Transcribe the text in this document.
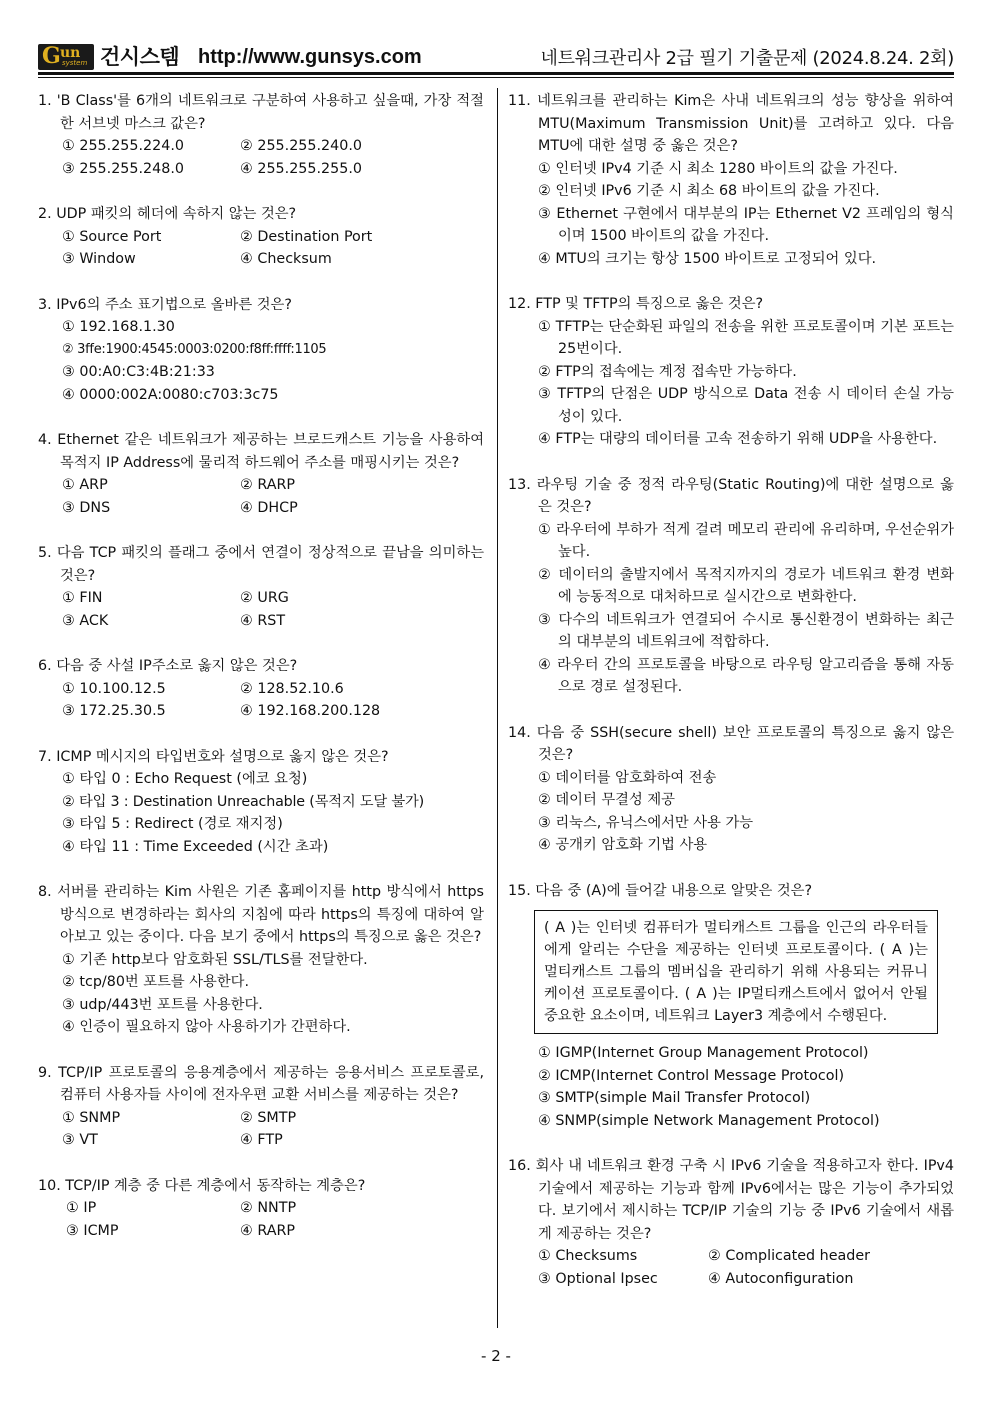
G un
system 건시스템 http://www.gunsys.com	네트워크관리사 2급 필기 기출문제 (2024.8.24. 2회)
1. 'B Class'를 6개의 네트워크로 구분하여 사용하고 싶을때, 가장 적절한 서브넷 마스크 값은?
① 255.255.224.0	② 255.255.240.0
③ 255.255.248.0	④ 255.255.255.0
2. UDP 패킷의 헤더에 속하지 않는 것은?
① Source Port	② Destination Port
③ Window	④ Checksum
3. IPv6의 주소 표기법으로 올바른 것은?
① 192.168.1.30
② 3ffe:1900:4545:0003:0200:f8ff:ffff:1105
③ 00:A0:C3:4B:21:33
④ 0000:002A:0080:c703:3c75
4. Ethernet 같은 네트워크가 제공하는 브로드캐스트 기능을 사용하여 목적지 IP Address에 물리적 하드웨어 주소를 매핑시키는 것은?
① ARP	② RARP
③ DNS	④ DHCP
5. 다음 TCP 패킷의 플래그 중에서 연결이 정상적으로 끝남을 의미하는 것은?
① FIN	② URG
③ ACK	④ RST
6. 다음 중 사설 IP주소로 옳지 않은 것은?
① 10.100.12.5	② 128.52.10.6
③ 172.25.30.5	④ 192.168.200.128
7. ICMP 메시지의 타입번호와 설명으로 옳지 않은 것은?
① 타입 0 : Echo Request (에코 요청)
② 타입 3 : Destination Unreachable (목적지 도달 불가)
③ 타입 5 : Redirect (경로 재지정)
④ 타입 11 : Time Exceeded (시간 초과)
8. 서버를 관리하는 Kim 사원은 기존 홈페이지를 http 방식에서 https 방식으로 변경하라는 회사의 지침에 따라 https의 특징에 대하여 알아보고 있는 중이다. 다음 보기 중에서 https의 특징으로 옳은 것은?
① 기존 http보다 암호화된 SSL/TLS를 전달한다.
② tcp/80번 포트를 사용한다.
③ udp/443번 포트를 사용한다.
④ 인증이 필요하지 않아 사용하기가 간편하다.
9. TCP/IP 프로토콜의 응용계층에서 제공하는 응용서비스 프로토콜로, 컴퓨터 사용자들 사이에 전자우편 교환 서비스를 제공하는 것은?
① SNMP	② SMTP
③ VT	④ FTP
10. TCP/IP 계층 중 다른 계층에서 동작하는 계층은?
① IP	② NNTP
③ ICMP	④ RARP
11. 네트워크를 관리하는 Kim은 사내 네트워크의 성능 향상을 위하여 MTU(Maximum Transmission Unit)를 고려하고 있다. 다음 MTU에 대한 설명 중 옳은 것은?
① 인터넷 IPv4 기준 시 최소 1280 바이트의 값을 가진다.
② 인터넷 IPv6 기준 시 최소 68 바이트의 값을 가진다.
③ Ethernet 구현에서 대부분의 IP는 Ethernet V2 프레임의 형식이며 1500 바이트의 값을 가진다.
④ MTU의 크기는 항상 1500 바이트로 고정되어 있다.
12. FTP 및 TFTP의 특징으로 옳은 것은?
① TFTP는 단순화된 파일의 전송을 위한 프로토콜이며 기본 포트는 25번이다.
② FTP의 접속에는 계정 접속만 가능하다.
③ TFTP의 단점은 UDP 방식으로 Data 전송 시 데이터 손실 가능성이 있다.
④ FTP는 대량의 데이터를 고속 전송하기 위해 UDP을 사용한다.
13. 라우팅 기술 중 정적 라우팅(Static Routing)에 대한 설명으로 옳은 것은?
① 라우터에 부하가 적게 걸려 메모리 관리에 유리하며, 우선순위가 높다.
② 데이터의 출발지에서 목적지까지의 경로가 네트워크 환경 변화에 능동적으로 대처하므로 실시간으로 변화한다.
③ 다수의 네트워크가 연결되어 수시로 통신환경이 변화하는 최근의 대부분의 네트워크에 적합하다.
④ 라우터 간의 프로토콜을 바탕으로 라우팅 알고리즘을 통해 자동으로 경로 설정된다.
14. 다음 중 SSH(secure shell) 보안 프로토콜의 특징으로 옳지 않은 것은?
① 데이터를 암호화하여 전송
② 데이터 무결성 제공
③ 리눅스, 유닉스에서만 사용 가능
④ 공개키 암호화 기법 사용
15. 다음 중 (A)에 들어갈 내용으로 알맞은 것은?
( A )는 인터넷 컴퓨터가 멀티캐스트 그룹을 인근의 라우터들에게 알리는 수단을 제공하는 인터넷 프로토콜이다. ( A )는 멀티캐스트 그룹의 멤버십을 관리하기 위해 사용되는 커뮤니케이션 프로토콜이다. ( A )는 IP멀티캐스트에서 없어서 안될 중요한 요소이며, 네트워크 Layer3 계층에서 수행된다.
① IGMP(Internet Group Management Protocol)
② ICMP(Internet Control Message Protocol)
③ SMTP(simple Mail Transfer Protocol)
④ SNMP(simple Network Management Protocol)
16. 회사 내 네트워크 환경 구축 시 IPv6 기술을 적용하고자 한다. IPv4 기술에서 제공하는 기능과 함께 IPv6에서는 많은 기능이 추가되었다. 보기에서 제시하는 TCP/IP 기술의 기능 중 IPv6 기술에서 새롭게 제공하는 것은?
① Checksums	② Complicated header
③ Optional Ipsec	④ Autoconfiguration
- 2 -
